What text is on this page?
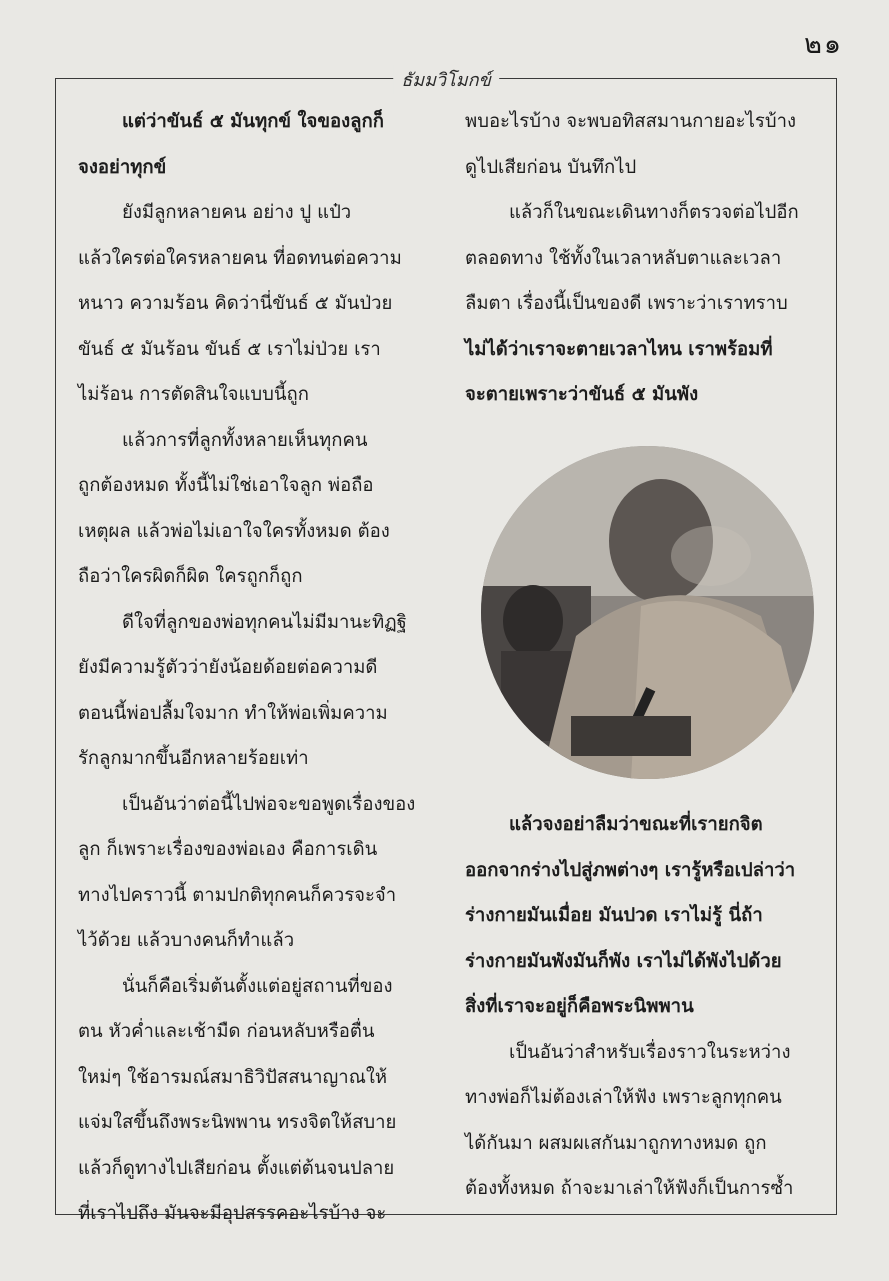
๒๑
ธัมมวิโมกข์
แต่ว่าขันธ์ ๕ มันทุกข์ ใจของลูกก็
จงอย่าทุกข์
ยังมีลูกหลายคน อย่าง ปู แป๋ว
แล้วใครต่อใครหลายคน ที่อดทนต่อความ
หนาว ความร้อน คิดว่านี่ขันธ์ ๕ มันป่วย
ขันธ์ ๕ มันร้อน ขันธ์ ๕ เราไม่ป่วย เรา
ไม่ร้อน การตัดสินใจแบบนี้ถูก
แล้วการที่ลูกทั้งหลายเห็นทุกคน
ถูกต้องหมด ทั้งนี้ไม่ใช่เอาใจลูก พ่อถือ
เหตุผล แล้วพ่อไม่เอาใจใครทั้งหมด ต้อง
ถือว่าใครผิดก็ผิด ใครถูกก็ถูก
ดีใจที่ลูกของพ่อทุกคนไม่มีมานะทิฏฐิ
ยังมีความรู้ตัวว่ายังน้อยด้อยต่อความดี
ตอนนี้พ่อปลื้มใจมาก ทำให้พ่อเพิ่มความ
รักลูกมากขึ้นอีกหลายร้อยเท่า
เป็นอันว่าต่อนี้ไปพ่อจะขอพูดเรื่องของ
ลูก ก็เพราะเรื่องของพ่อเอง คือการเดิน
ทางไปคราวนี้ ตามปกติทุกคนก็ควรจะจำ
ไว้ด้วย แล้วบางคนก็ทำแล้ว
นั่นก็คือเริ่มต้นตั้งแต่อยู่สถานที่ของ
ตน หัวค่ำและเช้ามืด ก่อนหลับหรือตื่น
ใหม่ๆ ใช้อารมณ์สมาธิวิปัสสนาญาณให้
แจ่มใสขึ้นถึงพระนิพพาน ทรงจิตให้สบาย
แล้วก็ดูทางไปเสียก่อน ตั้งแต่ต้นจนปลาย
ที่เราไปถึง มันจะมีอุปสรรคอะไรบ้าง จะ
พบอะไรบ้าง จะพบอทิสสมานกายอะไรบ้าง
ดูไปเสียก่อน บันทึกไป
แล้วก็ในขณะเดินทางก็ตรวจต่อไปอีก
ตลอดทาง ใช้ทั้งในเวลาหลับตาและเวลา
ลืมตา เรื่องนี้เป็นของดี เพราะว่าเราทราบ
ไม่ได้ว่าเราจะตายเวลาไหน เราพร้อมที่
จะตายเพราะว่าขันธ์ ๕ มันพัง
แล้วจงอย่าลืมว่าขณะที่เรายกจิต
ออกจากร่างไปสู่ภพต่างๆ เรารู้หรือเปล่าว่า
ร่างกายมันเมื่อย มันปวด เราไม่รู้ นี่ถ้า
ร่างกายมันพังมันก็พัง เราไม่ได้พังไปด้วย
สิ่งที่เราจะอยู่ก็คือพระนิพพาน
เป็นอันว่าสำหรับเรื่องราวในระหว่าง
ทางพ่อก็ไม่ต้องเล่าให้ฟัง เพราะลูกทุกคน
ได้กันมา ผสมผเสกันมาถูกทางหมด ถูก
ต้องทั้งหมด ถ้าจะมาเล่าให้ฟังก็เป็นการซ้ำ
